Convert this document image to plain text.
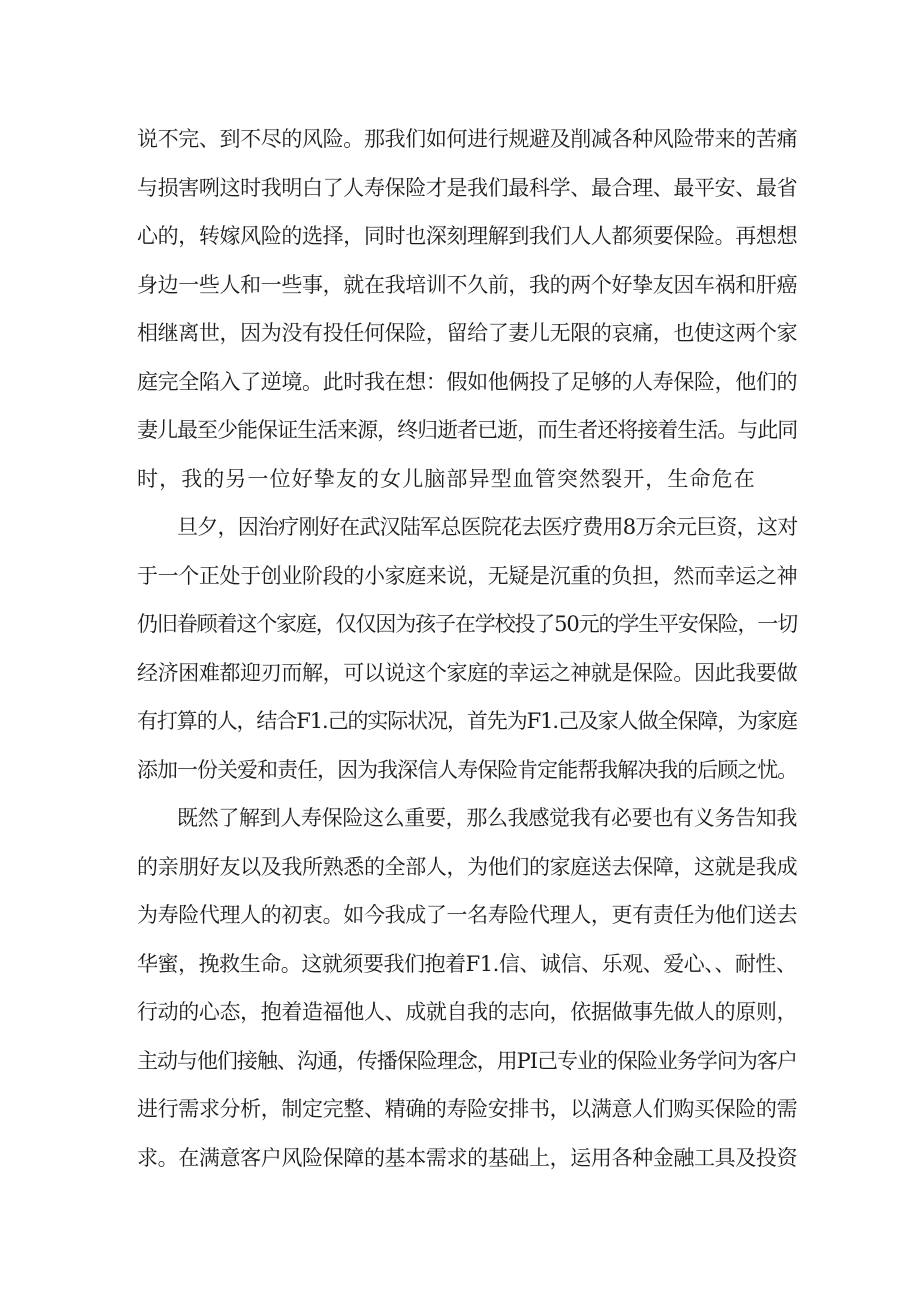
说不完、到不尽的风险。那我们如何进行规避及削减各种风险带来的苦痛
与损害咧这时我明白了人寿保险才是我们最科学、最合理、最平安、最省
心的，转嫁风险的选择，同时也深刻理解到我们人人都须要保险。再想想
身边一些人和一些事，就在我培训不久前，我的两个好挚友因车祸和肝癌
相继离世，因为没有投任何保险，留给了妻儿无限的哀痛，也使这两个家
庭完全陷入了逆境。此时我在想：假如他俩投了足够的人寿保险，他们的
妻儿最至少能保证生活来源，终归逝者已逝，而生者还将接着生活。与此同
时，我的另一位好挚友的女儿脑部异型血管突然裂开，生命危在
旦夕，因治疗刚好在武汉陆军总医院花去医疗费用8万余元巨资，这对
于一个正处于创业阶段的小家庭来说，无疑是沉重的负担，然而幸运之神
仍旧眷顾着这个家庭，仅仅因为孩子在学校投了50元的学生平安保险，一切
经济困难都迎刃而解，可以说这个家庭的幸运之神就是保险。因此我要做
有打算的人，结合F1.己的实际状况，首先为F1.己及家人做全保障，为家庭
添加一份关爱和责任，因为我深信人寿保险肯定能帮我解决我的后顾之忧。
既然了解到人寿保险这么重要，那么我感觉我有必要也有义务告知我
的亲朋好友以及我所熟悉的全部人，为他们的家庭送去保障，这就是我成
为寿险代理人的初衷。如今我成了一名寿险代理人，更有责任为他们送去
华蜜，挽救生命。这就须要我们抱着F1.信、诚信、乐观、爱心、、耐性、
行动的心态，抱着造福他人、成就自我的志向，依据做事先做人的原则，
主动与他们接触、沟通，传播保险理念，用PI己专业的保险业务学问为客户
进行需求分析，制定完整、精确的寿险安排书，以满意人们购买保险的需
求。在满意客户风险保障的基本需求的基础上，运用各种金融工具及投资
